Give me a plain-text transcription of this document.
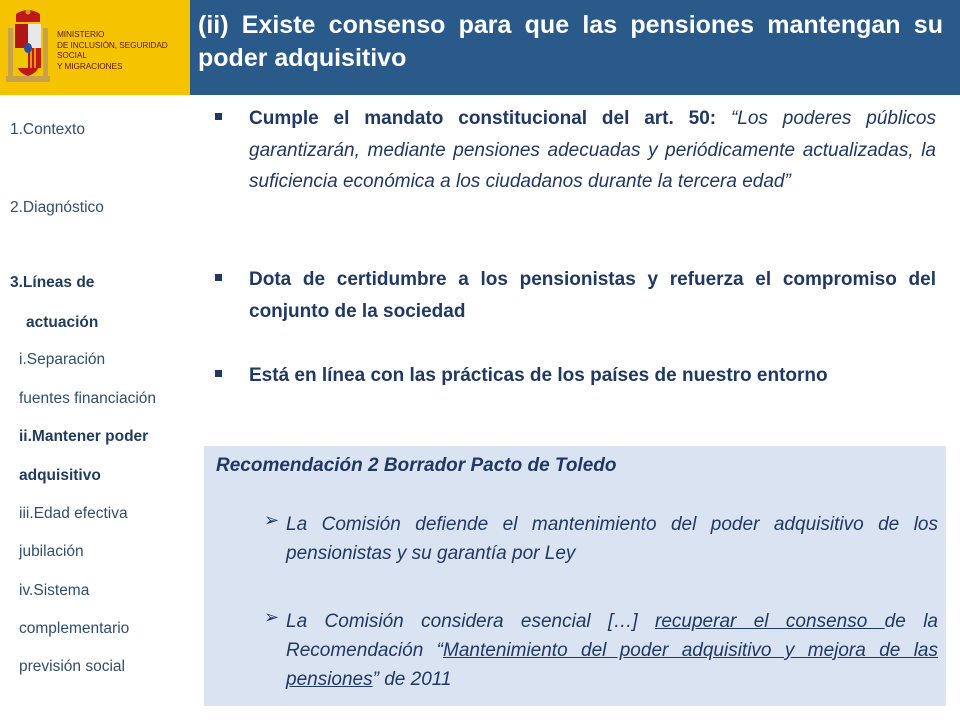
MINISTERIO
DE INCLUSIÓN, SEGURIDAD SOCIAL
Y MIGRACIONES
(ii) Existe consenso para que las pensiones mantengan su poder adquisitivo
1.Contexto
2.Diagnóstico
3.Líneas de
actuación
i.Separación
fuentes financiación
ii.Mantener poder
adquisitivo
iii.Edad efectiva
jubilación
iv.Sistema
complementario
previsión social
Cumple el mandato constitucional del art. 50: “Los poderes públicos garantizarán, mediante pensiones adecuadas y periódicamente actualizadas, la suficiencia económica a los ciudadanos durante la tercera edad”
Dota de certidumbre a los pensionistas y refuerza el compromiso del conjunto de la sociedad
Está en línea con las prácticas de los países de nuestro entorno
Recomendación 2 Borrador Pacto de Toledo
➢ La Comisión defiende el mantenimiento del poder adquisitivo de los pensionistas y su garantía por Ley
➢ La Comisión considera esencial […] recuperar el consenso de la Recomendación “Mantenimiento del poder adquisitivo y mejora de las pensiones” de 2011
